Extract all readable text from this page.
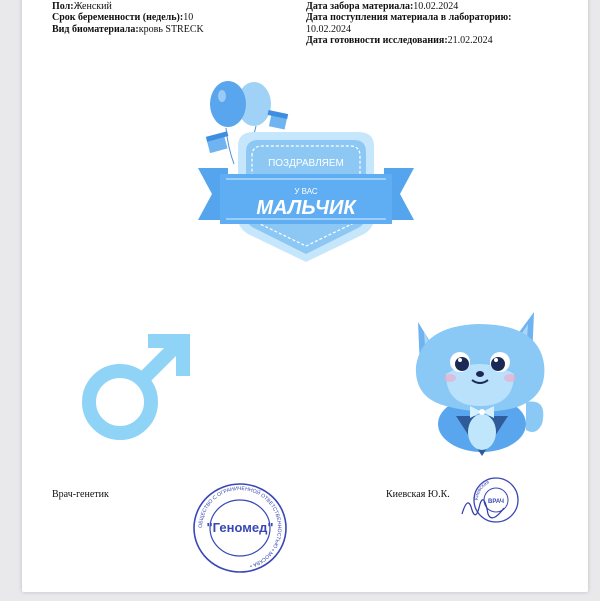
Пол:Женский
Срок беременности (недель):10
Вид биоматериала:кровь STRECK
Дата забора материала:10.02.2024
Дата поступления материала в лабораторию:
10.02.2024
Дата готовности исследования:21.02.2024
ПОЗДРАВЛЯЕМ
У ВАС
МАЛЬЧИК
Врач-генетик	Киевская Ю.К.
ОБЩЕСТВО С ОГРАНИЧЕННОЙ ОТВЕТСТВЕННОСТЬЮ • МОСКВА •
"Геномед"
Киевская
ВРАЧ
